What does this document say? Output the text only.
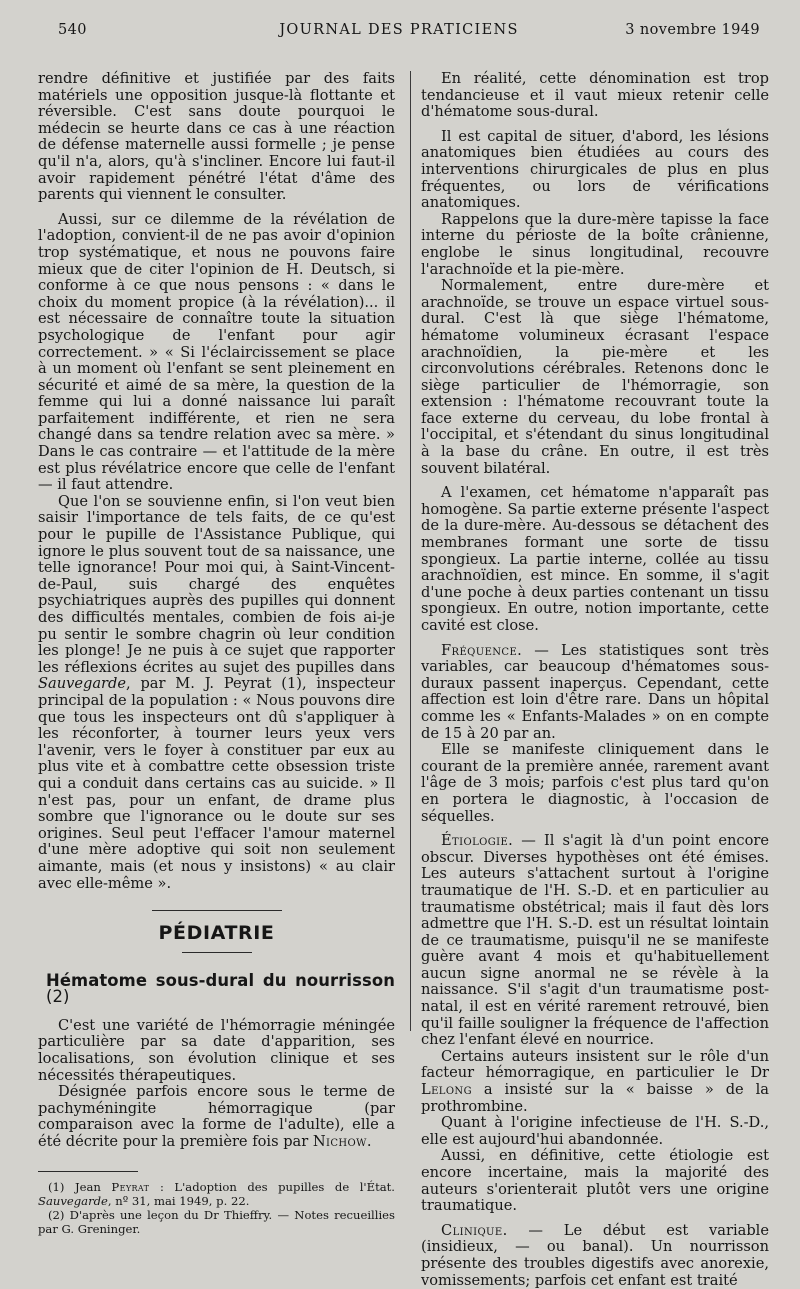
540	JOURNAL DES PRATICIENS	3 novembre 1949

rendre définitive et justifiée par des faits matériels une opposition jusque-là flottante et réversible. C'est sans doute pourquoi le médecin se heurte dans ce cas à une réaction de défense maternelle aussi formelle ; je pense qu'il n'a, alors, qu'à s'incliner. Encore lui faut-il avoir rapidement pénétré l'état d'âme des parents qui viennent le consulter.

Aussi, sur ce dilemme de la révélation de l'adoption, convient-il de ne pas avoir d'opinion trop systématique, et nous ne pouvons faire mieux que de citer l'opinion de H. Deutsch, si conforme à ce que nous pensons : « dans le choix du moment propice (à la révélation)... il est nécessaire de connaître toute la situation psychologique de l'enfant pour agir correctement. » « Si l'éclaircissement se place à un moment où l'enfant se sent pleinement en sécurité et aimé de sa mère, la question de la femme qui lui a donné naissance lui paraît parfaitement indifférente, et rien ne sera changé dans sa tendre relation avec sa mère. » Dans le cas contraire — et l'attitude de la mère est plus révélatrice encore que celle de l'enfant — il faut attendre.

Que l'on se souvienne enfin, si l'on veut bien saisir l'importance de tels faits, de ce qu'est pour le pupille de l'Assistance Publique, qui ignore le plus souvent tout de sa naissance, une telle ignorance! Pour moi qui, à Saint-Vincent-de-Paul, suis chargé des enquêtes psychiatriques auprès des pupilles qui donnent des difficultés mentales, combien de fois ai-je pu sentir le sombre chagrin où leur condition les plonge! Je ne puis à ce sujet que rapporter les réflexions écrites au sujet des pupilles dans Sauvegarde, par M. J. Peyrat (1), inspecteur principal de la population : « Nous pouvons dire que tous les inspecteurs ont dû s'appliquer à les réconforter, à tourner leurs yeux vers l'avenir, vers le foyer à constituer par eux au plus vite et à combattre cette obsession triste qui a conduit dans certains cas au suicide. » Il n'est pas, pour un enfant, de drame plus sombre que l'ignorance ou le doute sur ses origines. Seul peut l'effacer l'amour maternel d'une mère adoptive qui soit non seulement aimante, mais (et nous y insistons) « au clair avec elle-même ».

PÉDIATRIE
Hématome sous-dural du nourrisson (2)

C'est une variété de l'hémorragie méningée particulière par sa date d'apparition, ses localisations, son évolution clinique et ses nécessités thérapeutiques.

Désignée parfois encore sous le terme de pachyméningite hémorragique (par comparaison avec la forme de l'adulte), elle a été décrite pour la première fois par Nichow.

(1) Jean Peyrat : L'adoption des pupilles de l'État. Sauvegarde, nº 31, mai 1949, p. 22.
(2) D'après une leçon du Dr Thieffry. — Notes recueillies par G. Greninger.

En réalité, cette dénomination est trop tendancieuse et il vaut mieux retenir celle d'hématome sous-dural.

Il est capital de situer, d'abord, les lésions anatomiques bien étudiées au cours des interventions chirurgicales de plus en plus fréquentes, ou lors de vérifications anatomiques.

Rappelons que la dure-mère tapisse la face interne du périoste de la boîte crânienne, englobe le sinus longitudinal, recouvre l'arachnoïde et la pie-mère.

Normalement, entre dure-mère et arachnoïde, se trouve un espace virtuel sous-dural. C'est là que siège l'hématome, hématome volumineux écrasant l'espace arachnoïdien, la pie-mère et les circonvolutions cérébrales. Retenons donc le siège particulier de l'hémorragie, son extension : l'hématome recouvrant toute la face externe du cerveau, du lobe frontal à l'occipital, et s'étendant du sinus longitudinal à la base du crâne. En outre, il est très souvent bilatéral.

A l'examen, cet hématome n'apparaît pas homogène. Sa partie externe présente l'aspect de la dure-mère. Au-dessous se détachent des membranes formant une sorte de tissu spongieux. La partie interne, collée au tissu arachnoïdien, est mince. En somme, il s'agit d'une poche à deux parties contenant un tissu spongieux. En outre, notion importante, cette cavité est close.

Fréquence. — Les statistiques sont très variables, car beaucoup d'hématomes sous-duraux passent inaperçus. Cependant, cette affection est loin d'être rare. Dans un hôpital comme les « Enfants-Malades » on en compte de 15 à 20 par an.

Elle se manifeste cliniquement dans le courant de la première année, rarement avant l'âge de 3 mois; parfois c'est plus tard qu'on en portera le diagnostic, à l'occasion de séquelles.

Étiologie. — Il s'agit là d'un point encore obscur. Diverses hypothèses ont été émises. Les auteurs s'attachent surtout à l'origine traumatique de l'H. S.-D. et en particulier au traumatisme obstétrical; mais il faut dès lors admettre que l'H. S.-D. est un résultat lointain de ce traumatisme, puisqu'il ne se manifeste guère avant 4 mois et qu'habituellement aucun signe anormal ne se révèle à la naissance. S'il s'agit d'un traumatisme post-natal, il est en vérité rarement retrouvé, bien qu'il faille souligner la fréquence de l'affection chez l'enfant élevé en nourrice.

Certains auteurs insistent sur le rôle d'un facteur hémorragique, en particulier le Dr Lelong a insisté sur la « baisse » de la prothrombine.

Quant à l'origine infectieuse de l'H. S.-D., elle est aujourd'hui abandonnée.

Aussi, en définitive, cette étiologie est encore incertaine, mais la majorité des auteurs s'orienterait plutôt vers une origine traumatique.

Clinique. — Le début est variable (insidieux, — ou banal). Un nourrisson présente des troubles digestifs avec anorexie, vomissements; parfois cet enfant est traité
